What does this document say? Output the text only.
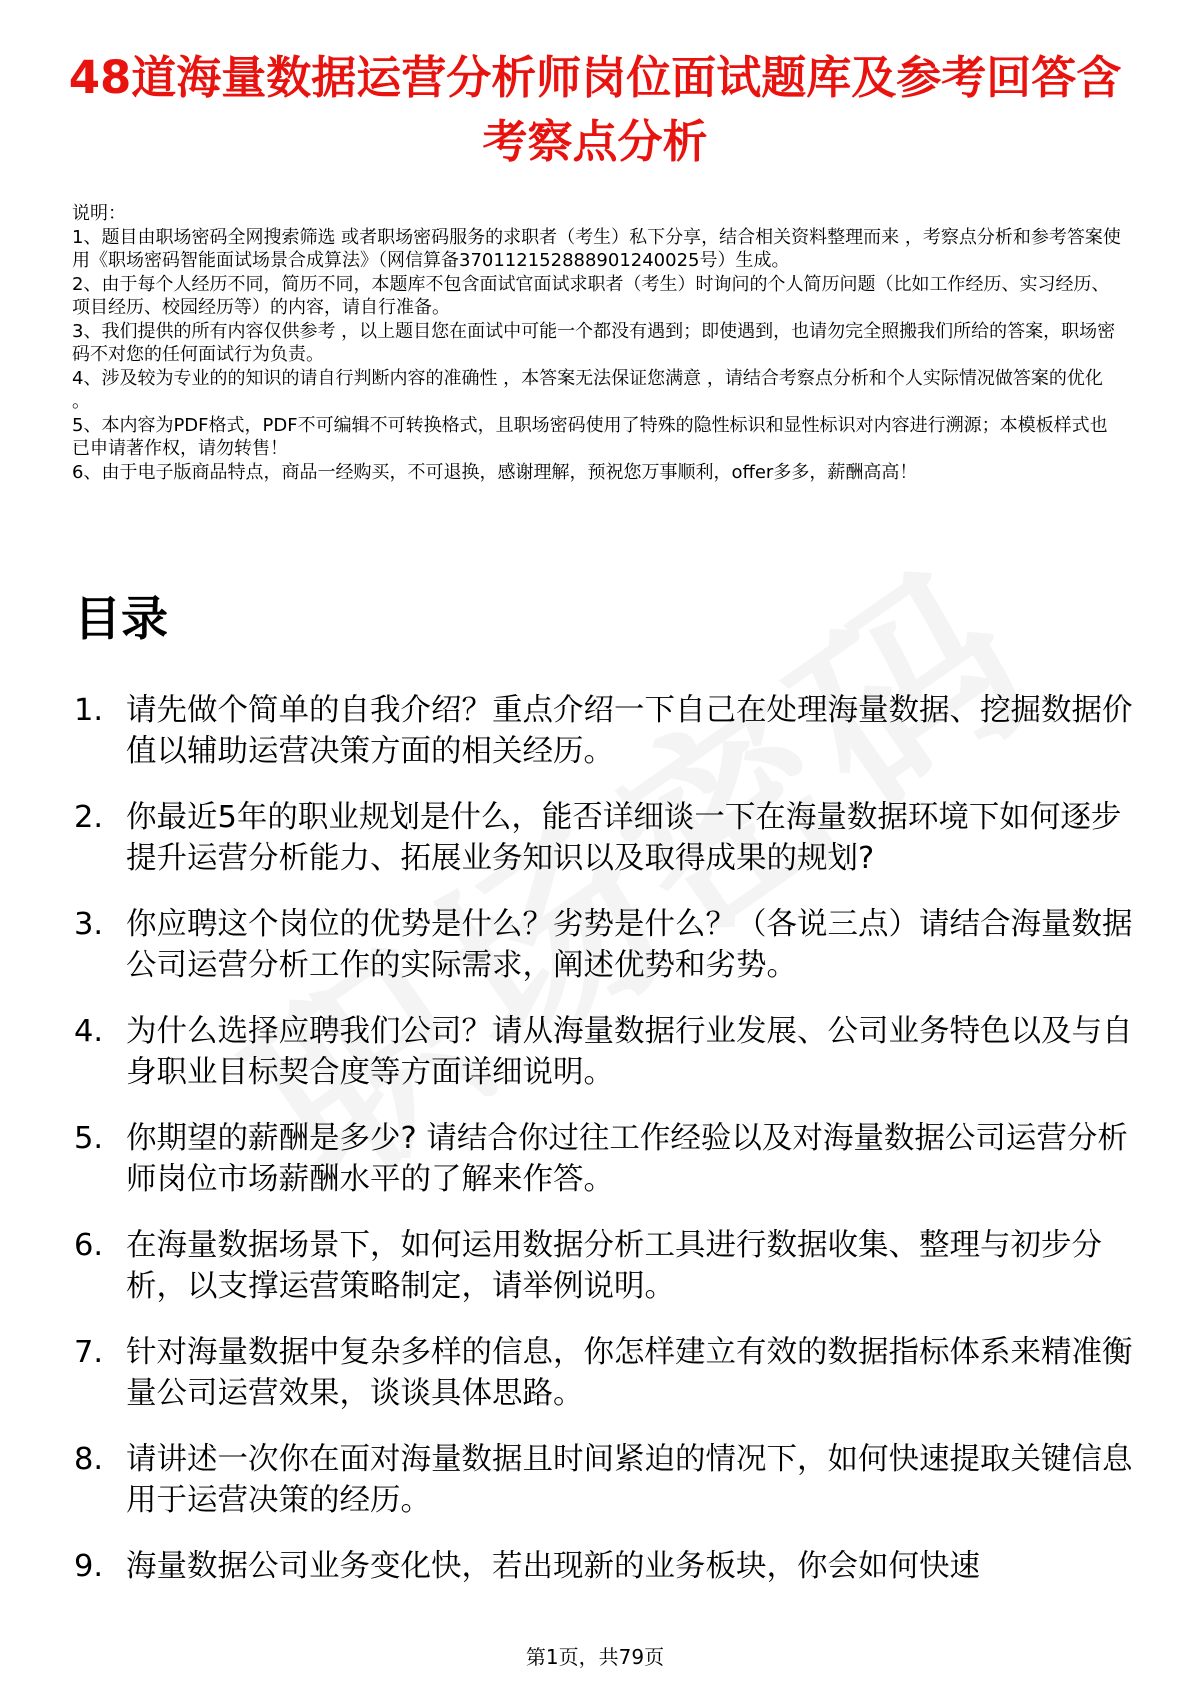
48道海量数据运营分析师岗位面试题库及参考回答含考察点分析

说明：

1、题目由职场密码全网搜索筛选 或者职场密码服务的求职者（考生）私下分享，结合相关资料整理而来 ，考察点分析和参考答案使用《职场密码智能面试场景合成算法》（网信算备370112152888901240025号）生成。

2、由于每个人经历不同，简历不同，本题库不包含面试官面试求职者（考生）时询问的个人简历问题（比如工作经历、实习经历、项目经历、校园经历等）的内容，请自行准备。

3、我们提供的所有内容仅供参考 ，以上题目您在面试中可能一个都没有遇到；即使遇到，也请勿完全照搬我们所给的答案，职场密码不对您的任何面试行为负责。

4、涉及较为专业的的知识的请自行判断内容的准确性 ，本答案无法保证您满意 ，请结合考察点分析和个人实际情况做答案的优化 。

5、本内容为PDF格式，PDF不可编辑不可转换格式，且职场密码使用了特殊的隐性标识和显性标识对内容进行溯源；本模板样式也已申请著作权，请勿转售！

6、由于电子版商品特点，商品一经购买，不可退换，感谢理解，预祝您万事顺利，offer多多，薪酬高高！

目录
1. 请先做个简单的自我介绍？重点介绍一下自己在处理海量数据、挖掘数据价值以辅助运营决策方面的相关经历。
2. 你最近5年的职业规划是什么，能否详细谈一下在海量数据环境下如何逐步提升运营分析能力、拓展业务知识以及取得成果的规划?
3. 你应聘这个岗位的优势是什么？劣势是什么？（各说三点）请结合海量数据公司运营分析工作的实际需求，阐述优势和劣势。
4. 为什么选择应聘我们公司？请从海量数据行业发展、公司业务特色以及与自身职业目标契合度等方面详细说明。
5. 你期望的薪酬是多少? 请结合你过往工作经验以及对海量数据公司运营分析师岗位市场薪酬水平的了解来作答。
6. 在海量数据场景下，如何运用数据分析工具进行数据收集、整理与初步分析，以支撑运营策略制定，请举例说明。
7. 针对海量数据中复杂多样的信息，你怎样建立有效的数据指标体系来精准衡量公司运营效果，谈谈具体思路。
8. 请讲述一次你在面对海量数据且时间紧迫的情况下，如何快速提取关键信息用于运营决策的经历。
9. 海量数据公司业务变化快，若出现新的业务板块，你会如何快速
第1页，共79页
